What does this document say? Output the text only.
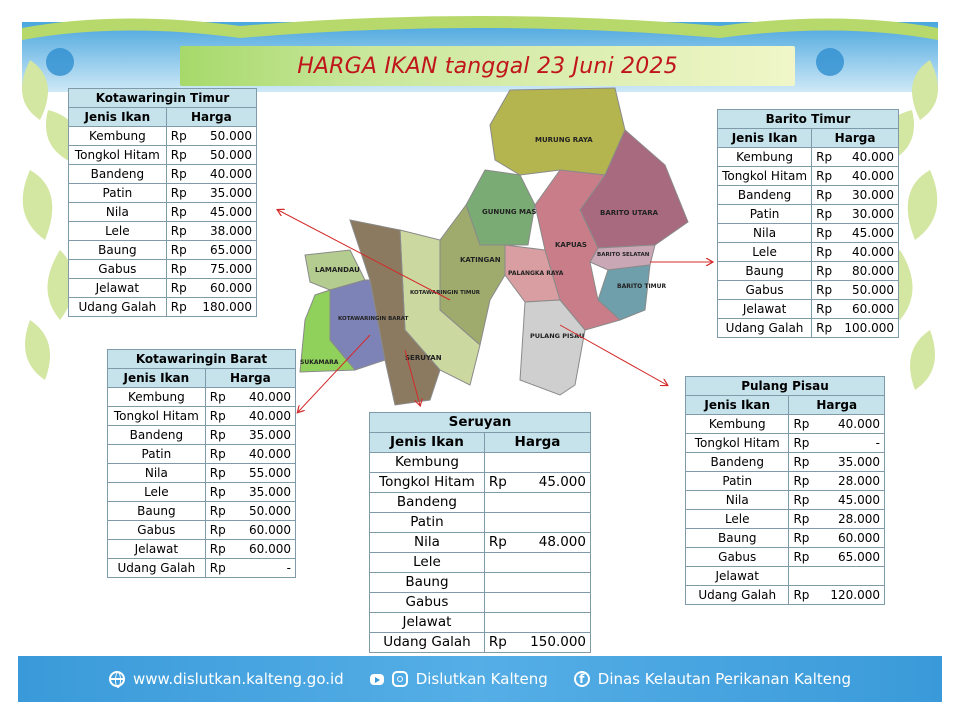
MURUNG RAYA
BARITO UTARA
GUNUNG MAS
BARITO SELATAN
BARITO TIMUR
KAPUAS
KATINGAN
PALANGKA RAYA
LAMANDAU
KOTAWARINGIN TIMUR
KOTAWARINGIN BARAT
SUKAMARA
SERUYAN
PULANG PISAU
HARGA IKAN tanggal 23 Juni 2025
Kotawaringin Timur		
Jenis Ikan	Harga	
Kembung	Rp	50.000
Tongkol Hitam	Rp	50.000
Bandeng	Rp	40.000
Patin	Rp	35.000
Nila	Rp	45.000
Lele	Rp	38.000
Baung	Rp	65.000
Gabus	Rp	75.000
Jelawat	Rp	60.000
Udang Galah	Rp	180.000
Barito Timur		
Jenis Ikan	Harga	
Kembung	Rp	40.000
Tongkol Hitam	Rp	40.000
Bandeng	Rp	30.000
Patin	Rp	30.000
Nila	Rp	45.000
Lele	Rp	40.000
Baung	Rp	80.000
Gabus	Rp	50.000
Jelawat	Rp	60.000
Udang Galah	Rp	100.000
Kotawaringin Barat		
Jenis Ikan	Harga	
Kembung	Rp	40.000
Tongkol Hitam	Rp	40.000
Bandeng	Rp	35.000
Patin	Rp	40.000
Nila	Rp	55.000
Lele	Rp	35.000
Baung	Rp	50.000
Gabus	Rp	60.000
Jelawat	Rp	60.000
Udang Galah	Rp	-
Seruyan		
Jenis Ikan	Harga	
Kembung		
Tongkol Hitam	Rp	45.000
Bandeng		
Patin		
Nila	Rp	48.000
Lele		
Baung		
Gabus		
Jelawat		
Udang Galah	Rp	150.000
Pulang Pisau		
Jenis Ikan	Harga	
Kembung	Rp	40.000
Tongkol Hitam	Rp	-
Bandeng	Rp	35.000
Patin	Rp	28.000
Nila	Rp	45.000
Lele	Rp	28.000
Baung	Rp	60.000
Gabus	Rp	65.000
Jelawat		
Udang Galah	Rp	120.000
www.dislutkan.kalteng.go.id	Dislutkan Kalteng	f Dinas Kelautan Perikanan Kalteng
